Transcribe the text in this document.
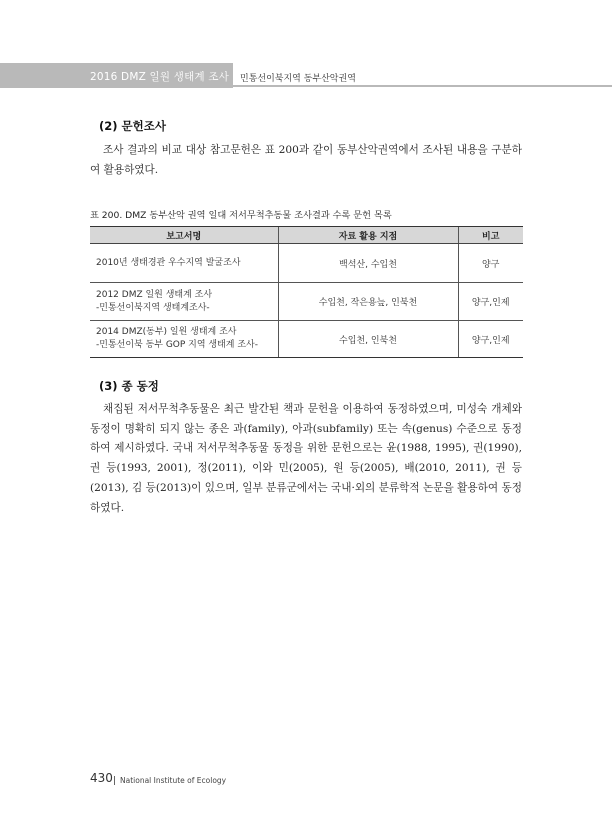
2016 DMZ 일원 생태계 조사 민통선이북지역 동부산악권역
(2) 문헌조사

조사 결과의 비교 대상 참고문헌은 표 200과 같이 동부산악권역에서 조사된 내용을 구분하여 활용하였다.

표 200. DMZ 동부산악 권역 일대 저서무척추동물 조사결과 수록 문헌 목록
보고서명	자료 활용 지점	비고

2010년 생태경관 우수지역 발굴조사	백석산, 수입천	양구

2012 DMZ 일원 생태계 조사
-민통선이북지역 생태계조사-	수입천, 작은용늪, 인북천	양구,인제

2014 DMZ(동부) 일원 생태계 조사
-민통선이북 동부 GOP 지역 생태계 조사-	수입천, 인북천	양구,인제
(3) 종 동정

채집된 저서무척추동물은 최근 발간된 책과 문헌을 이용하여 동정하였으며, 미성숙 개체와 동정이 명확히 되지 않는 종은 과(family), 아과(subfamily) 또는 속(genus) 수준으로 동정하여 제시하였다. 국내 저서무척추동물 동정을 위한 문헌으로는 윤(1988, 1995), 권(1990), 권 등(1993, 2001), 정(2011), 이와 민(2005), 원 등(2005), 배(2010, 2011), 권 등(2013), 김 등(2013)이 있으며, 일부 분류군에서는 국내·외의 분류학적 논문을 활용하여 동정하였다.

430 National Institute of Ecology
